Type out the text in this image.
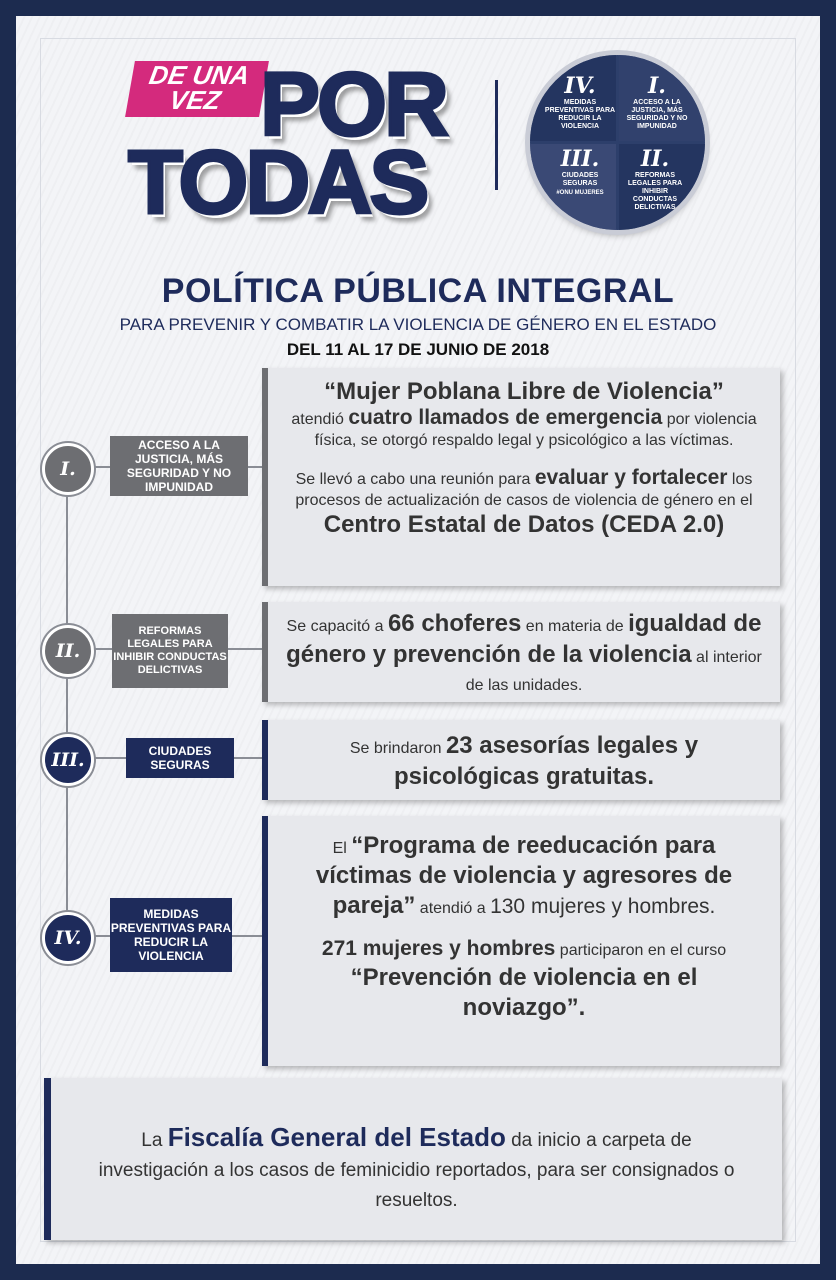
DE UNA
VEZ POR
TODAS
IV.
MEDIDAS PREVENTIVAS PARA REDUCIR LA VIOLENCIA
I.
ACCESO A LA JUSTICIA, MÁS SEGURIDAD Y NO IMPUNIDAD
III.
CIUDADES SEGURAS
#ONU MUJERES
II.
REFORMAS LEGALES PARA INHIBIR CONDUCTAS DELICTIVAS
POLÍTICA PÚBLICA INTEGRAL
PARA PREVENIR Y COMBATIR LA VIOLENCIA DE GÉNERO EN EL ESTADO
DEL 11 AL 17 DE JUNIO DE 2018
I.
ACCESO A LA JUSTICIA, MÁS SEGURIDAD Y NO IMPUNIDAD
II.
REFORMAS LEGALES PARA INHIBIR CONDUCTAS DELICTIVAS
III.	CIUDADES SEGURAS
IV.
MEDIDAS PREVENTIVAS PARA REDUCIR LA VIOLENCIA

“Mujer Poblana Libre de Violencia”

atendió cuatro llamados de emergencia por violencia física, se otorgó respaldo legal y psicológico a las víctimas.

Se llevó a cabo una reunión para evaluar y fortalecer los procesos de actualización de casos de violencia de género en el Centro Estatal de Datos (CEDA 2.0)

Se capacitó a 66 choferes en materia de igualdad de género y prevención de la violencia al interior de las unidades.

Se brindaron 23 asesorías legales y psicológicas gratuitas.

El “Programa de reeducación para víctimas de violencia y agresores de pareja” atendió a 130 mujeres y hombres.

271 mujeres y hombres participaron en el curso “Prevención de violencia en el noviazgo”.

La Fiscalía General del Estado da inicio a carpeta de investigación a los casos de feminicidio reportados, para ser consignados o resueltos.
